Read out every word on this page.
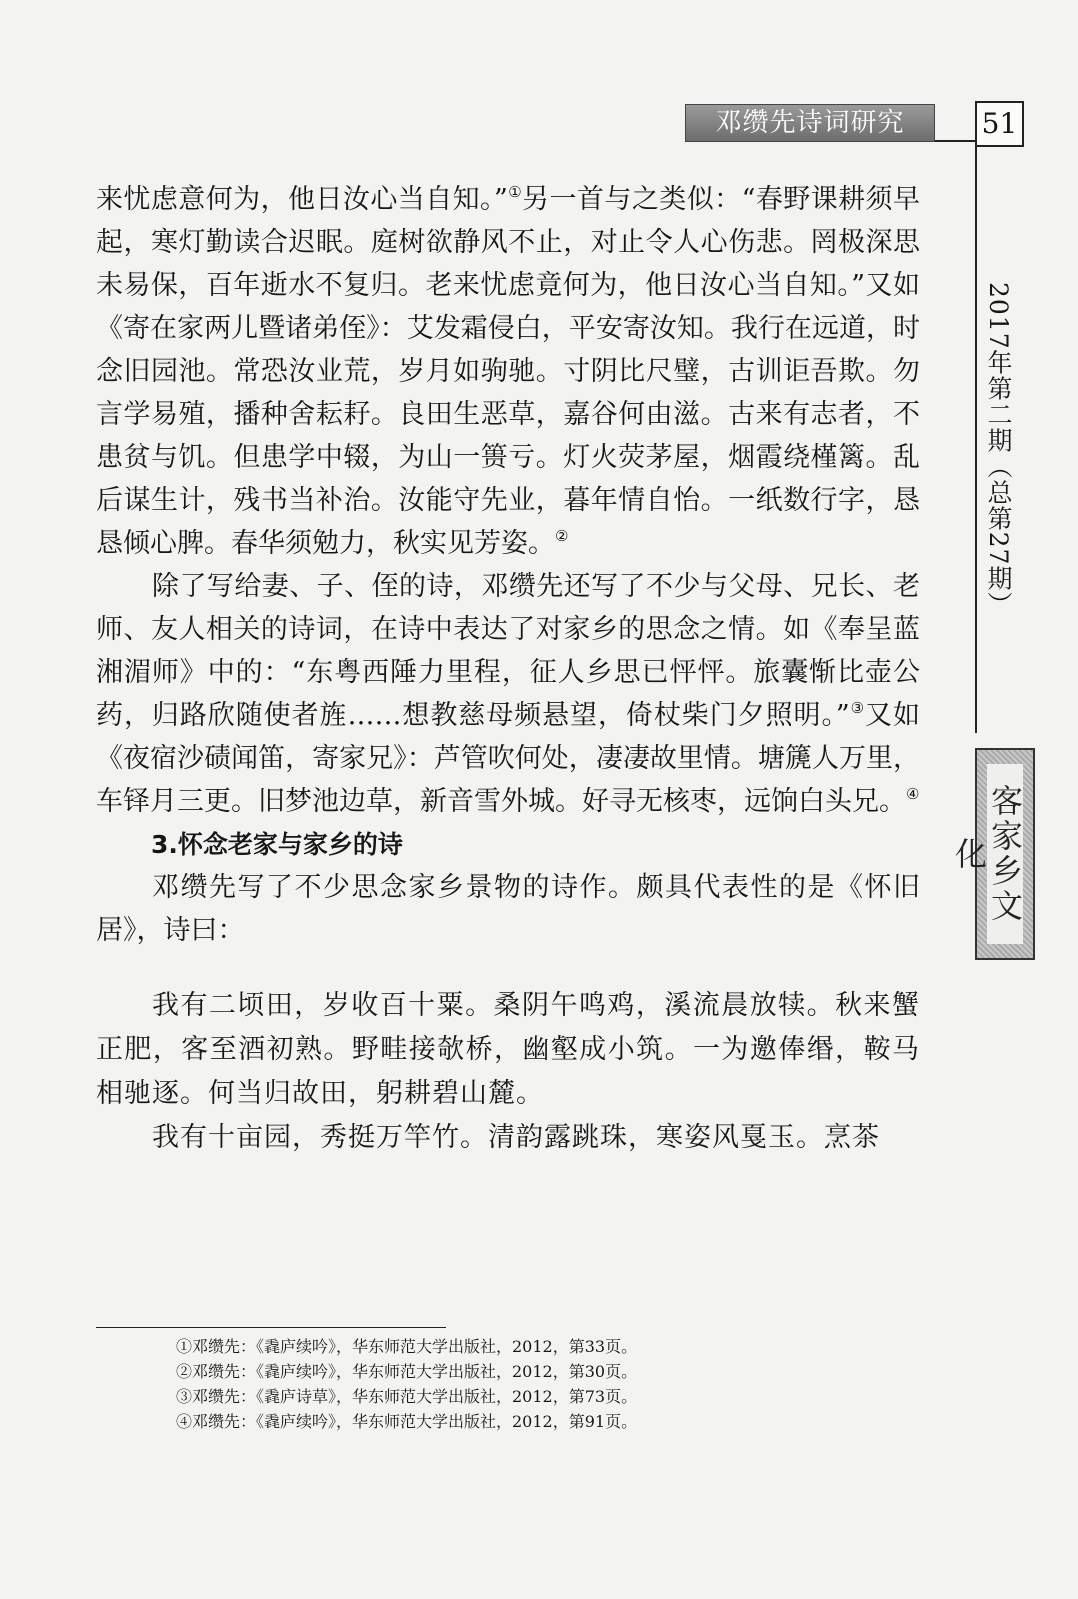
邓缵先诗词研究	51
2017年第二期（总第27期）
客家乡文化

来忧虑意何为，他日汝心当自知。”①另一首与之类似：“春野课耕须早起，寒灯勤读合迟眠。庭树欲静风不止，对止令人心伤悲。罔极深思未易保，百年逝水不复归。老来忧虑竟何为，他日汝心当自知。”又如《寄在家两儿暨诸弟侄》：艾发霜侵白，平安寄汝知。我行在远道，时念旧园池。常恐汝业荒，岁月如驹驰。寸阴比尺璧，古训讵吾欺。勿言学易殖，播种舍耘耔。良田生恶草，嘉谷何由滋。古来有志者，不患贫与饥。但患学中辍，为山一篑亏。灯火荧茅屋，烟霞绕槿篱。乱后谋生计，残书当补治。汝能守先业，暮年情自怡。一纸数行字，恳恳倾心脾。春华须勉力，秋实见芳姿。②

除了写给妻、子、侄的诗，邓缵先还写了不少与父母、兄长、老师、友人相关的诗词，在诗中表达了对家乡的思念之情。如《奉呈蓝湘湄师》中的：“东粤西陲力里程，征人乡思已怦怦。旅囊惭比壶公药，归路欣随使者旌……想教慈母频悬望，倚杖柴门夕照明。”③又如《夜宿沙碛闻笛，寄家兄》：芦管吹何处，凄凄故里情。塘篪人万里，车铎月三更。旧梦池边草，新音雪外城。好寻无核枣，远饷白头兄。④

3.怀念老家与家乡的诗

邓缵先写了不少思念家乡景物的诗作。颇具代表性的是《怀旧居》，诗曰：

我有二顷田，岁收百十粟。桑阴午鸣鸡，溪流晨放犊。秋来蟹正肥，客至酒初熟。野畦接欹桥，幽壑成小筑。一为邀俸缗，鞍马相驰逐。何当归故田，躬耕碧山麓。

我有十亩园，秀挺万竿竹。清韵露跳珠，寒姿风戛玉。烹茶

①邓缵先：《毳庐续吟》，华东师范大学出版社，2012，第33页。

②邓缵先：《毳庐续吟》，华东师范大学出版社，2012，第30页。

③邓缵先：《毳庐诗草》，华东师范大学出版社，2012，第73页。

④邓缵先：《毳庐续吟》，华东师范大学出版社，2012，第91页。
